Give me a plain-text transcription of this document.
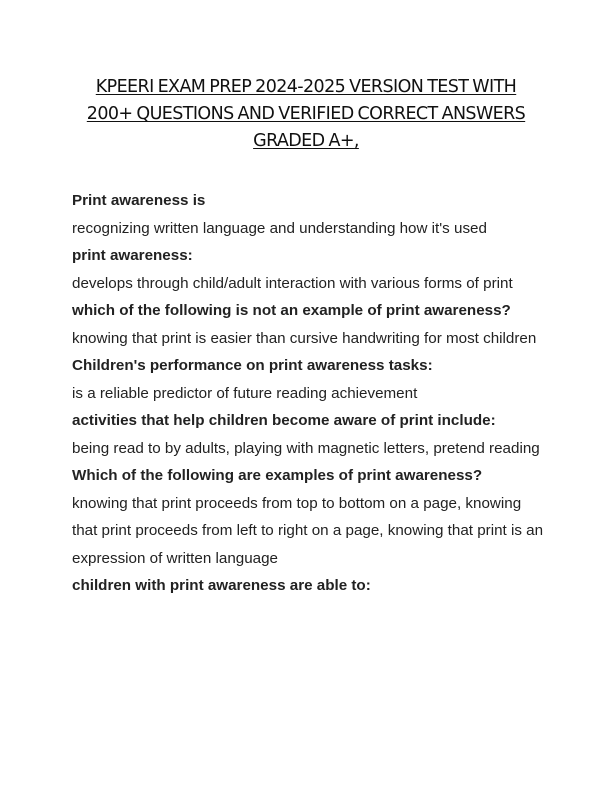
KPEERI EXAM PREP 2024-2025 VERSION TEST WITH
200+ QUESTIONS AND VERIFIED CORRECT ANSWERS
GRADED A+,

Print awareness is

recognizing written language and understanding how it's used

print awareness:

develops through child/adult interaction with various forms of print

which of the following is not an example of print awareness?

knowing that print is easier than cursive handwriting for most children

Children's performance on print awareness tasks:

is a reliable predictor of future reading achievement

activities that help children become aware of print include:

being read to by adults, playing with magnetic letters, pretend reading

Which of the following are examples of print awareness?

knowing that print proceeds from top to bottom on a page, knowing that print proceeds from left to right on a page, knowing that print is an expression of written language

children with print awareness are able to:
